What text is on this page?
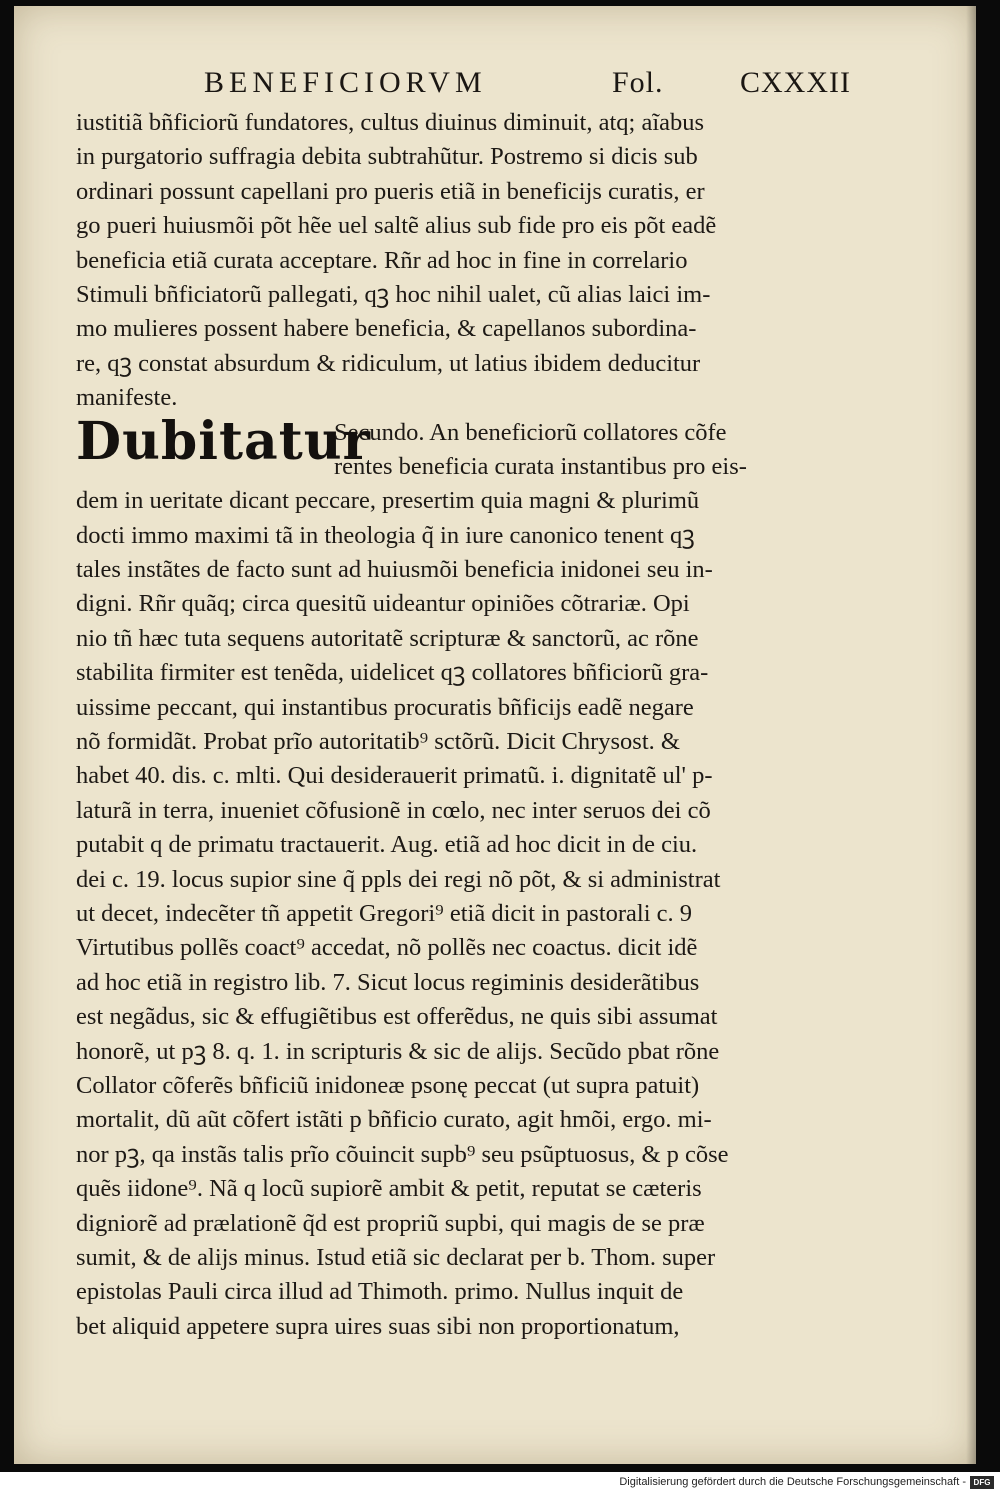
BENEFICIORVM	Fol.	CXXXII
Dubitatur
iustitiã bñficiorũ fundatores, cultus diuinus diminuit, atq; aĩabus
in purgatorio suffragia debita subtrahũtur. Postremo si dicis sub
ordinari possunt capellani pro pueris etiã in beneficijs curatis, er
go pueri huiusmõi põt hẽe uel saltẽ alius sub fide pro eis põt eadẽ
beneficia etiã curata acceptare. Rñr ad hoc in fine in correlario
Stimuli bñficiatorũ pallegati, qꝫ hoc nihil ualet, cũ alias laici im-
mo mulieres possent habere beneficia, & capellanos subordina-
re, qꝫ constat absurdum & ridiculum, ut latius ibidem deducitur
manifeste.
Secundo. An beneficiorũ collatores cõfe
rentes beneficia curata instantibus pro eis-
dem in ueritate dicant peccare, presertim quia magni & plurimũ
docti immo maximi tã in theologia q̃ in iure canonico tenent qꝫ
tales instãtes de facto sunt ad huiusmõi beneficia inidonei seu in-
digni. Rñr quãq; circa quesitũ uideantur opiniões cõtrariæ. Opi
nio tñ hæc tuta sequens autoritatẽ scripturæ & sanctorũ, ac rõne
stabilita firmiter est tenẽda, uidelicet qꝫ collatores bñficiorũ gra-
uissime peccant, qui instantibus procuratis bñficijs eadẽ negare
nõ formidãt. Probat prĩo autoritatib⁹ sctõrũ. Dicit Chrysost. &
habet 40. dis. c. mlti. Qui desiderauerit primatũ. i. dignitatẽ ul' p-
laturã in terra, inueniet cõfusionẽ in cœlo, nec inter seruos dei cõ
putabit q de primatu tractauerit. Aug. etiã ad hoc dicit in de ciu.
dei c. 19. locus supior sine q̃ ppls dei regi nõ põt, & si administrat
ut decet, indecẽter tñ appetit Gregori⁹ etiã dicit in pastorali c. 9
Virtutibus pollẽs coact⁹ accedat, nõ pollẽs nec coactus. dicit idẽ
ad hoc etiã in registro lib. 7. Sicut locus regiminis desiderãtibus
est negãdus, sic & effugiẽtibus est offerẽdus, ne quis sibi assumat
honorẽ, ut pꝫ 8. q. 1. in scripturis & sic de alijs. Secũdo pbat rõne
Collator cõferẽs bñficiũ inidoneæ psonę peccat (ut supra patuit)
mortalit, dũ aũt cõfert istãti p bñficio curato, agit hmõi, ergo. mi-
nor pꝫ, qa instãs talis prĩo cõuincit supb⁹ seu psũptuosus, & p cõse
quẽs iidone⁹. Nã q locũ supiorẽ ambit & petit, reputat se cæteris
digniorẽ ad prælationẽ q̃d est propriũ supbi, qui magis de se præ
sumit, & de alijs minus. Istud etiã sic declarat per b. Thom. super
epistolas Pauli circa illud ad Thimoth. primo. Nullus inquit de
bet aliquid appetere supra uires suas sibi non proportionatum,
Digitalisierung gefördert durch die Deutsche Forschungsgemeinschaft - DFG
